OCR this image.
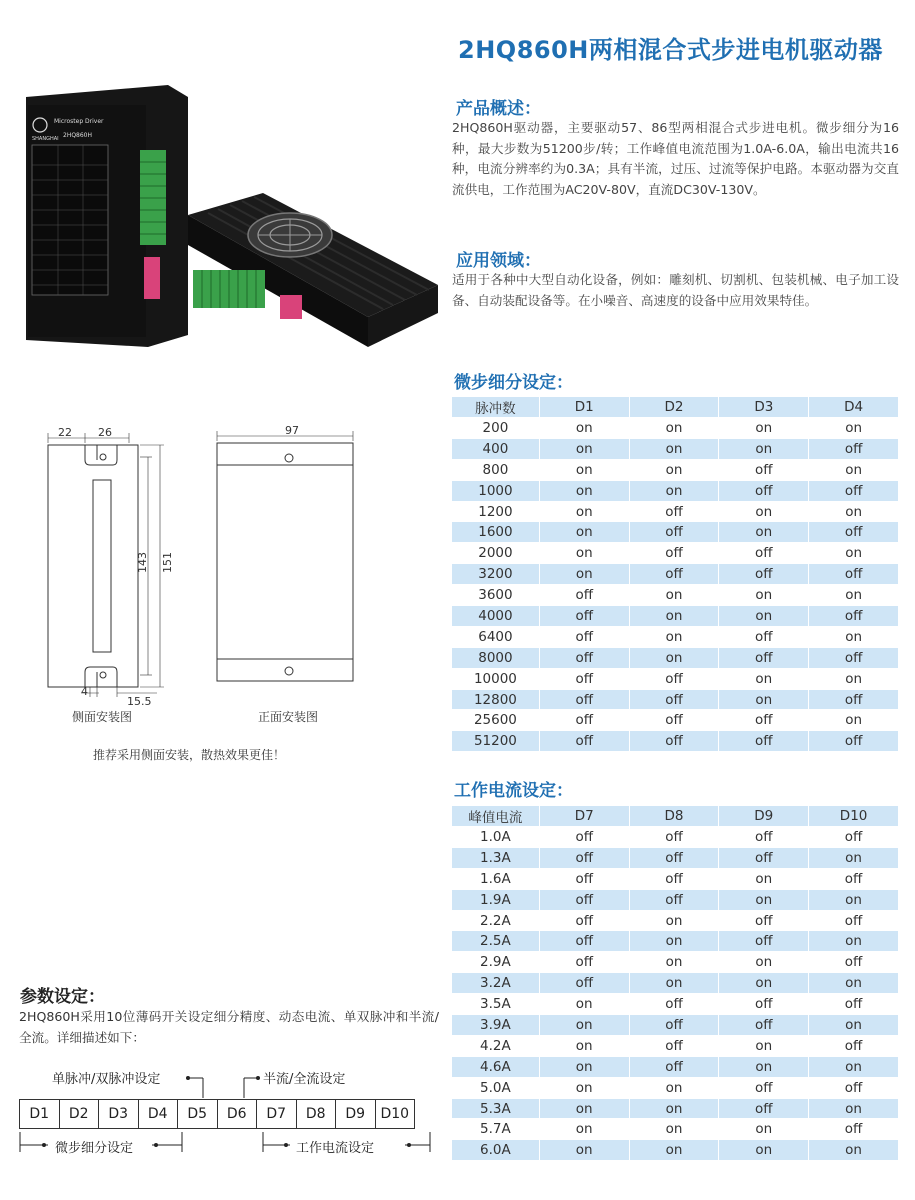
2HQ860H两相混合式步进电机驱动器
产品概述：
2HQ860H驱动器，主要驱动57、86型两相混合式步进电机。微步细分为16种，最大步数为51200步/转；工作峰值电流范围为1.0A-6.0A，输出电流共16种，电流分辨率约为0.3A；具有半流，过压、过流等保护电路。本驱动器为交直流供电，工作范围为AC20V-80V，直流DC30V-130V。
应用领域：
适用于各种中大型自动化设备，例如：雕刻机、切割机、包装机械、电子加工设备、自动装配设备等。在小噪音、高速度的设备中应用效果特佳。
Microstep Driver
SHANGHAI 2HQ860H
22 26
143 151
4
15.5
97
侧面安装图	正面安装图
推荐采用侧面安装，散热效果更佳！
微步细分设定：
脉冲数	D1	D2	D3	D4
200	on	on	on	on
400	on	on	on	off
800	on	on	off	on
1000	on	on	off	off
1200	on	off	on	on
1600	on	off	on	off
2000	on	off	off	on
3200	on	off	off	off
3600	off	on	on	on
4000	off	on	on	off
6400	off	on	off	on
8000	off	on	off	off
10000	off	off	on	on
12800	off	off	on	off
25600	off	off	off	on
51200	off	off	off	off
工作电流设定：
峰值电流	D7	D8	D9	D10
1.0A	off	off	off	off
1.3A	off	off	off	on
1.6A	off	off	on	off
1.9A	off	off	on	on
2.2A	off	on	off	off
2.5A	off	on	off	on
2.9A	off	on	on	off
3.2A	off	on	on	on
3.5A	on	off	off	off
3.9A	on	off	off	on
4.2A	on	off	on	off
4.6A	on	off	on	on
5.0A	on	on	off	off
5.3A	on	on	off	on
5.7A	on	on	on	off
6.0A	on	on	on	on
参数设定：
2HQ860H采用10位薄码开关设定细分精度、动态电流、单双脉冲和半流/全流。详细描述如下：
单脉冲/双脉冲设定	半流/全流设定
D1	D2	D3	D4	D5	D6	D7	D8	D9	D10
微步细分设定	工作电流设定
